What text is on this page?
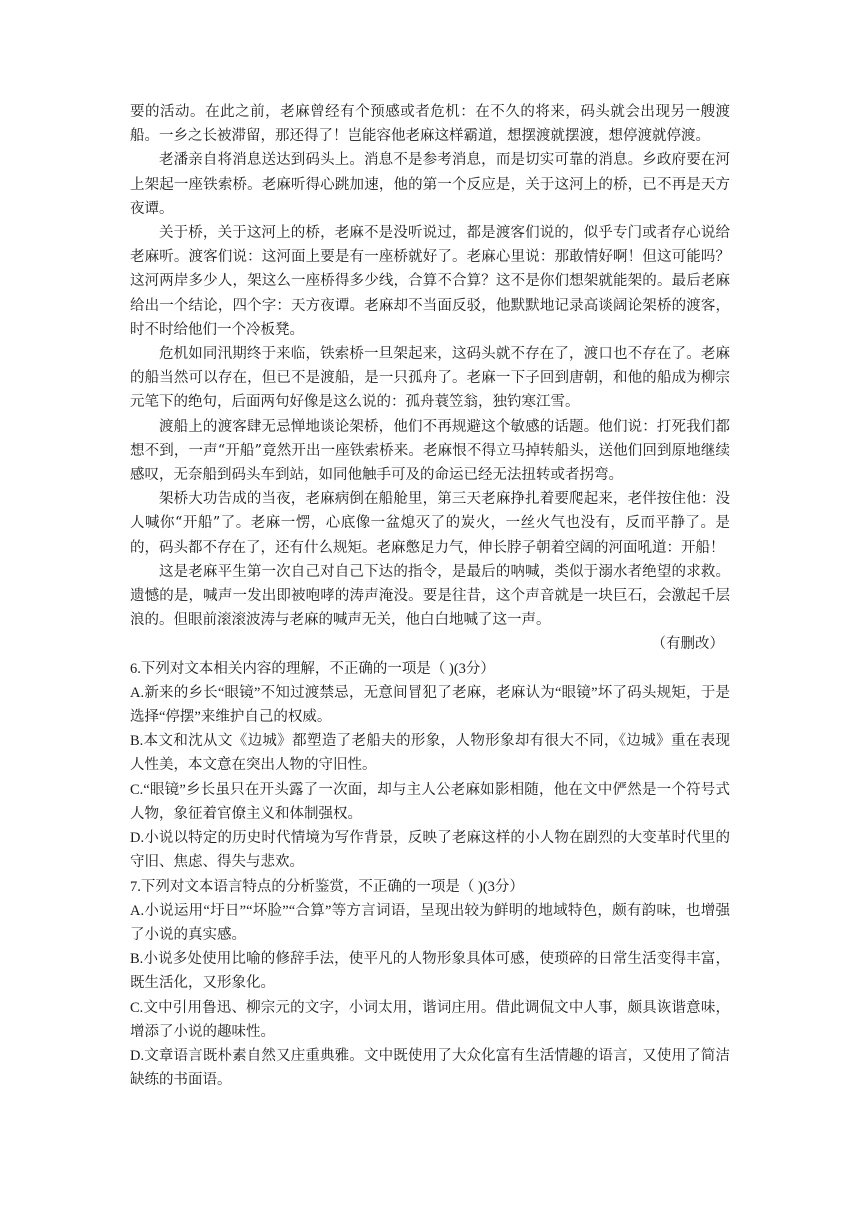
要的活动。在此之前，老麻曾经有个预感或者危机：在不久的将来，码头就会出现另一艘渡船。一乡之长被滞留，那还得了！岂能容他老麻这样霸道，想摆渡就摆渡，想停渡就停渡。

老潘亲自将消息送达到码头上。消息不是参考消息，而是切实可靠的消息。乡政府要在河上架起一座铁索桥。老麻听得心跳加速，他的第一个反应是，关于这河上的桥，已不再是天方夜谭。

关于桥，关于这河上的桥，老麻不是没听说过，都是渡客们说的，似乎专门或者存心说给老麻听。渡客们说：这河面上要是有一座桥就好了。老麻心里说：那敢情好啊！但这可能吗？这河两岸多少人，架这么一座桥得多少线，合算不合算？这不是你们想架就能架的。最后老麻给出一个结论，四个字：天方夜谭。老麻却不当面反驳，他默默地记录高谈阔论架桥的渡客，时不时给他们一个冷板凳。

危机如同汛期终于来临，铁索桥一旦架起来，这码头就不存在了，渡口也不存在了。老麻的船当然可以存在，但已不是渡船，是一只孤舟了。老麻一下子回到唐朝，和他的船成为柳宗元笔下的绝句，后面两句好像是这么说的：孤舟蓑笠翁，独钓寒江雪。

渡船上的渡客肆无忌惮地谈论架桥，他们不再规避这个敏感的话题。他们说：打死我们都想不到，一声“开船”竟然开出一座铁索桥来。老麻恨不得立马掉转船头，送他们回到原地继续感叹，无奈船到码头车到站，如同他触手可及的命运已经无法扭转或者拐弯。

架桥大功告成的当夜，老麻病倒在船舱里，第三天老麻挣扎着要爬起来，老伴按住他：没人喊你“开船”了。老麻一愣，心底像一盆熄灭了的炭火，一丝火气也没有，反而平静了。是的，码头都不存在了，还有什么规矩。老麻憋足力气，伸长脖子朝着空阔的河面吼道：开船！

这是老麻平生第一次自己对自己下达的指令，是最后的呐喊，类似于溺水者绝望的求救。遗憾的是，喊声一发出即被咆哮的涛声淹没。要是往昔，这个声音就是一块巨石，会激起千层浪的。但眼前滚滚波涛与老麻的喊声无关，他白白地喊了这一声。

（有删改）

6.下列对文本相关内容的理解，不正确的一项是（ )(3分）

A.新来的乡长“眼镜”不知过渡禁忌，无意间冒犯了老麻，老麻认为“眼镜”坏了码头规矩，于是选择“停摆”来维护自己的权威。

B.本文和沈从文《边城》都塑造了老船夫的形象，人物形象却有很大不同，《边城》重在表现人性美，本文意在突出人物的守旧性。

C.“眼镜”乡长虽只在开头露了一次面，却与主人公老麻如影相随，他在文中俨然是一个符号式人物，象征着官僚主义和体制强权。

D.小说以特定的历史时代情境为写作背景，反映了老麻这样的小人物在剧烈的大变革时代里的守旧、焦虑、得失与悲欢。

7.下列对文本语言特点的分析鉴赏，不正确的一项是（ )(3分）

A.小说运用“圩日”“坏脸”“合算”等方言词语，呈现出较为鲜明的地域特色，颇有韵味，也增强了小说的真实感。

B.小说多处使用比喻的修辞手法，使平凡的人物形象具体可感，使琐碎的日常生活变得丰富，既生活化，又形象化。

C.文中引用鲁迅、柳宗元的文字，小词太用，谐词庄用。借此调侃文中人事，颇具诙谐意味，增添了小说的趣味性。

D.文章语言既朴素自然又庄重典雅。文中既使用了大众化富有生活情趣的语言，又使用了简洁缺练的书面语。
